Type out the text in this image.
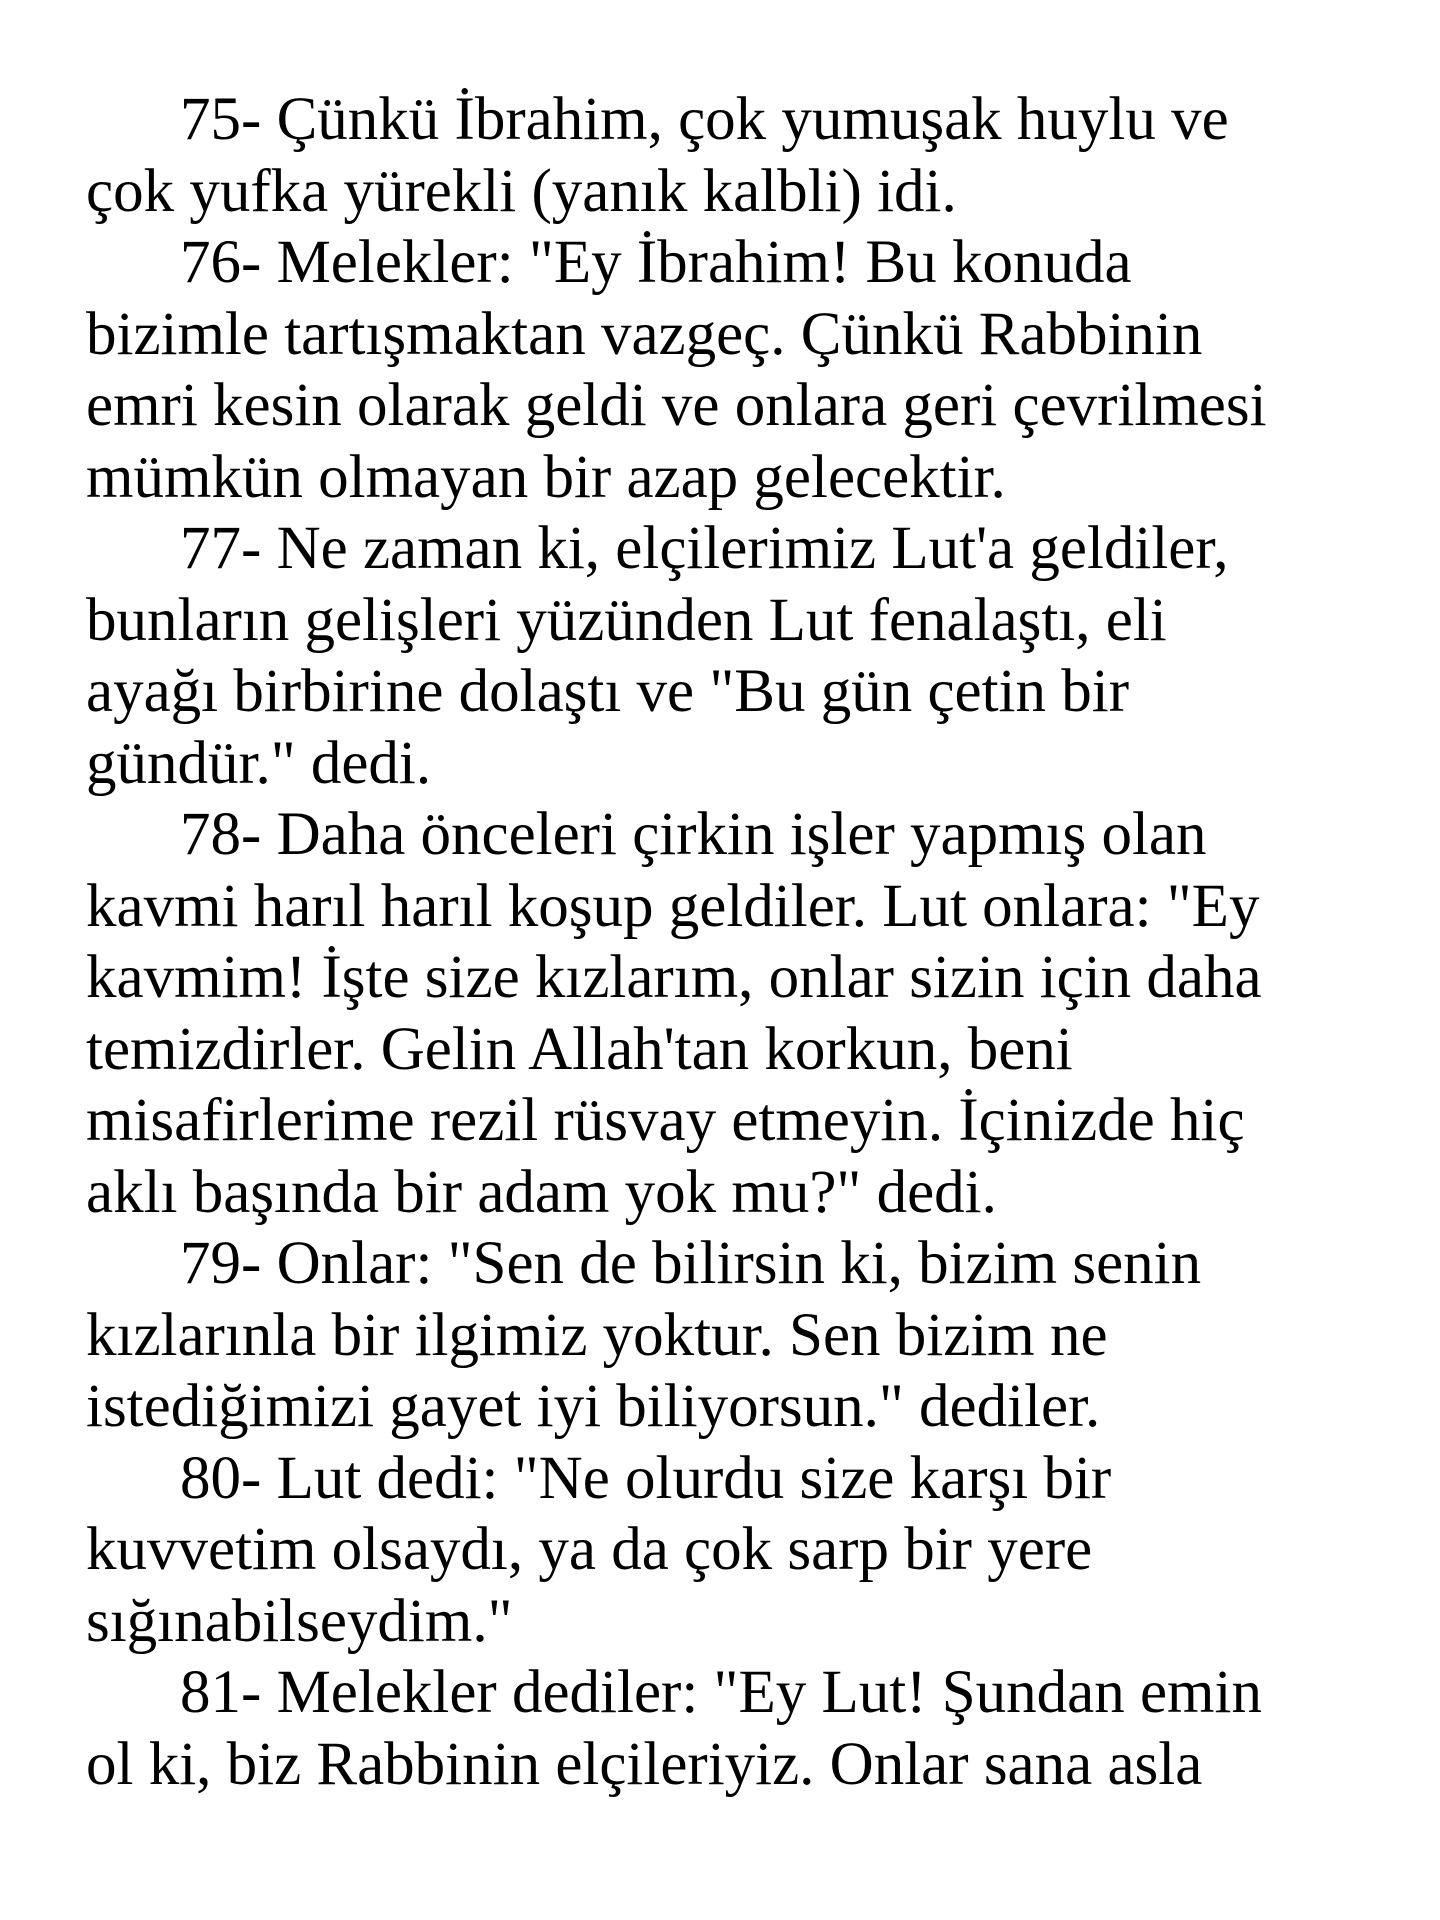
75- Çünkü İbrahim, çok yumuşak huylu ve
çok yufka yürekli (yanık kalbli) idi.
76- Melekler: "Ey İbrahim! Bu konuda
bizimle tartışmaktan vazgeç. Çünkü Rabbinin
emri kesin olarak geldi ve onlara geri çevrilmesi
mümkün olmayan bir azap gelecektir.
77- Ne zaman ki, elçilerimiz Lut'a geldiler,
bunların gelişleri yüzünden Lut fenalaştı, eli
ayağı birbirine dolaştı ve "Bu gün çetin bir
gündür." dedi.
78- Daha önceleri çirkin işler yapmış olan
kavmi harıl harıl koşup geldiler. Lut onlara: "Ey
kavmim! İşte size kızlarım, onlar sizin için daha
temizdirler. Gelin Allah'tan korkun, beni
misafirlerime rezil rüsvay etmeyin. İçinizde hiç
aklı başında bir adam yok mu?" dedi.
79- Onlar: "Sen de bilirsin ki, bizim senin
kızlarınla bir ilgimiz yoktur. Sen bizim ne
istediğimizi gayet iyi biliyorsun." dediler.
80- Lut dedi: "Ne olurdu size karşı bir
kuvvetim olsaydı, ya da çok sarp bir yere
sığınabilseydim."
81- Melekler dediler: "Ey Lut! Şundan emin
ol ki, biz Rabbinin elçileriyiz. Onlar sana asla
